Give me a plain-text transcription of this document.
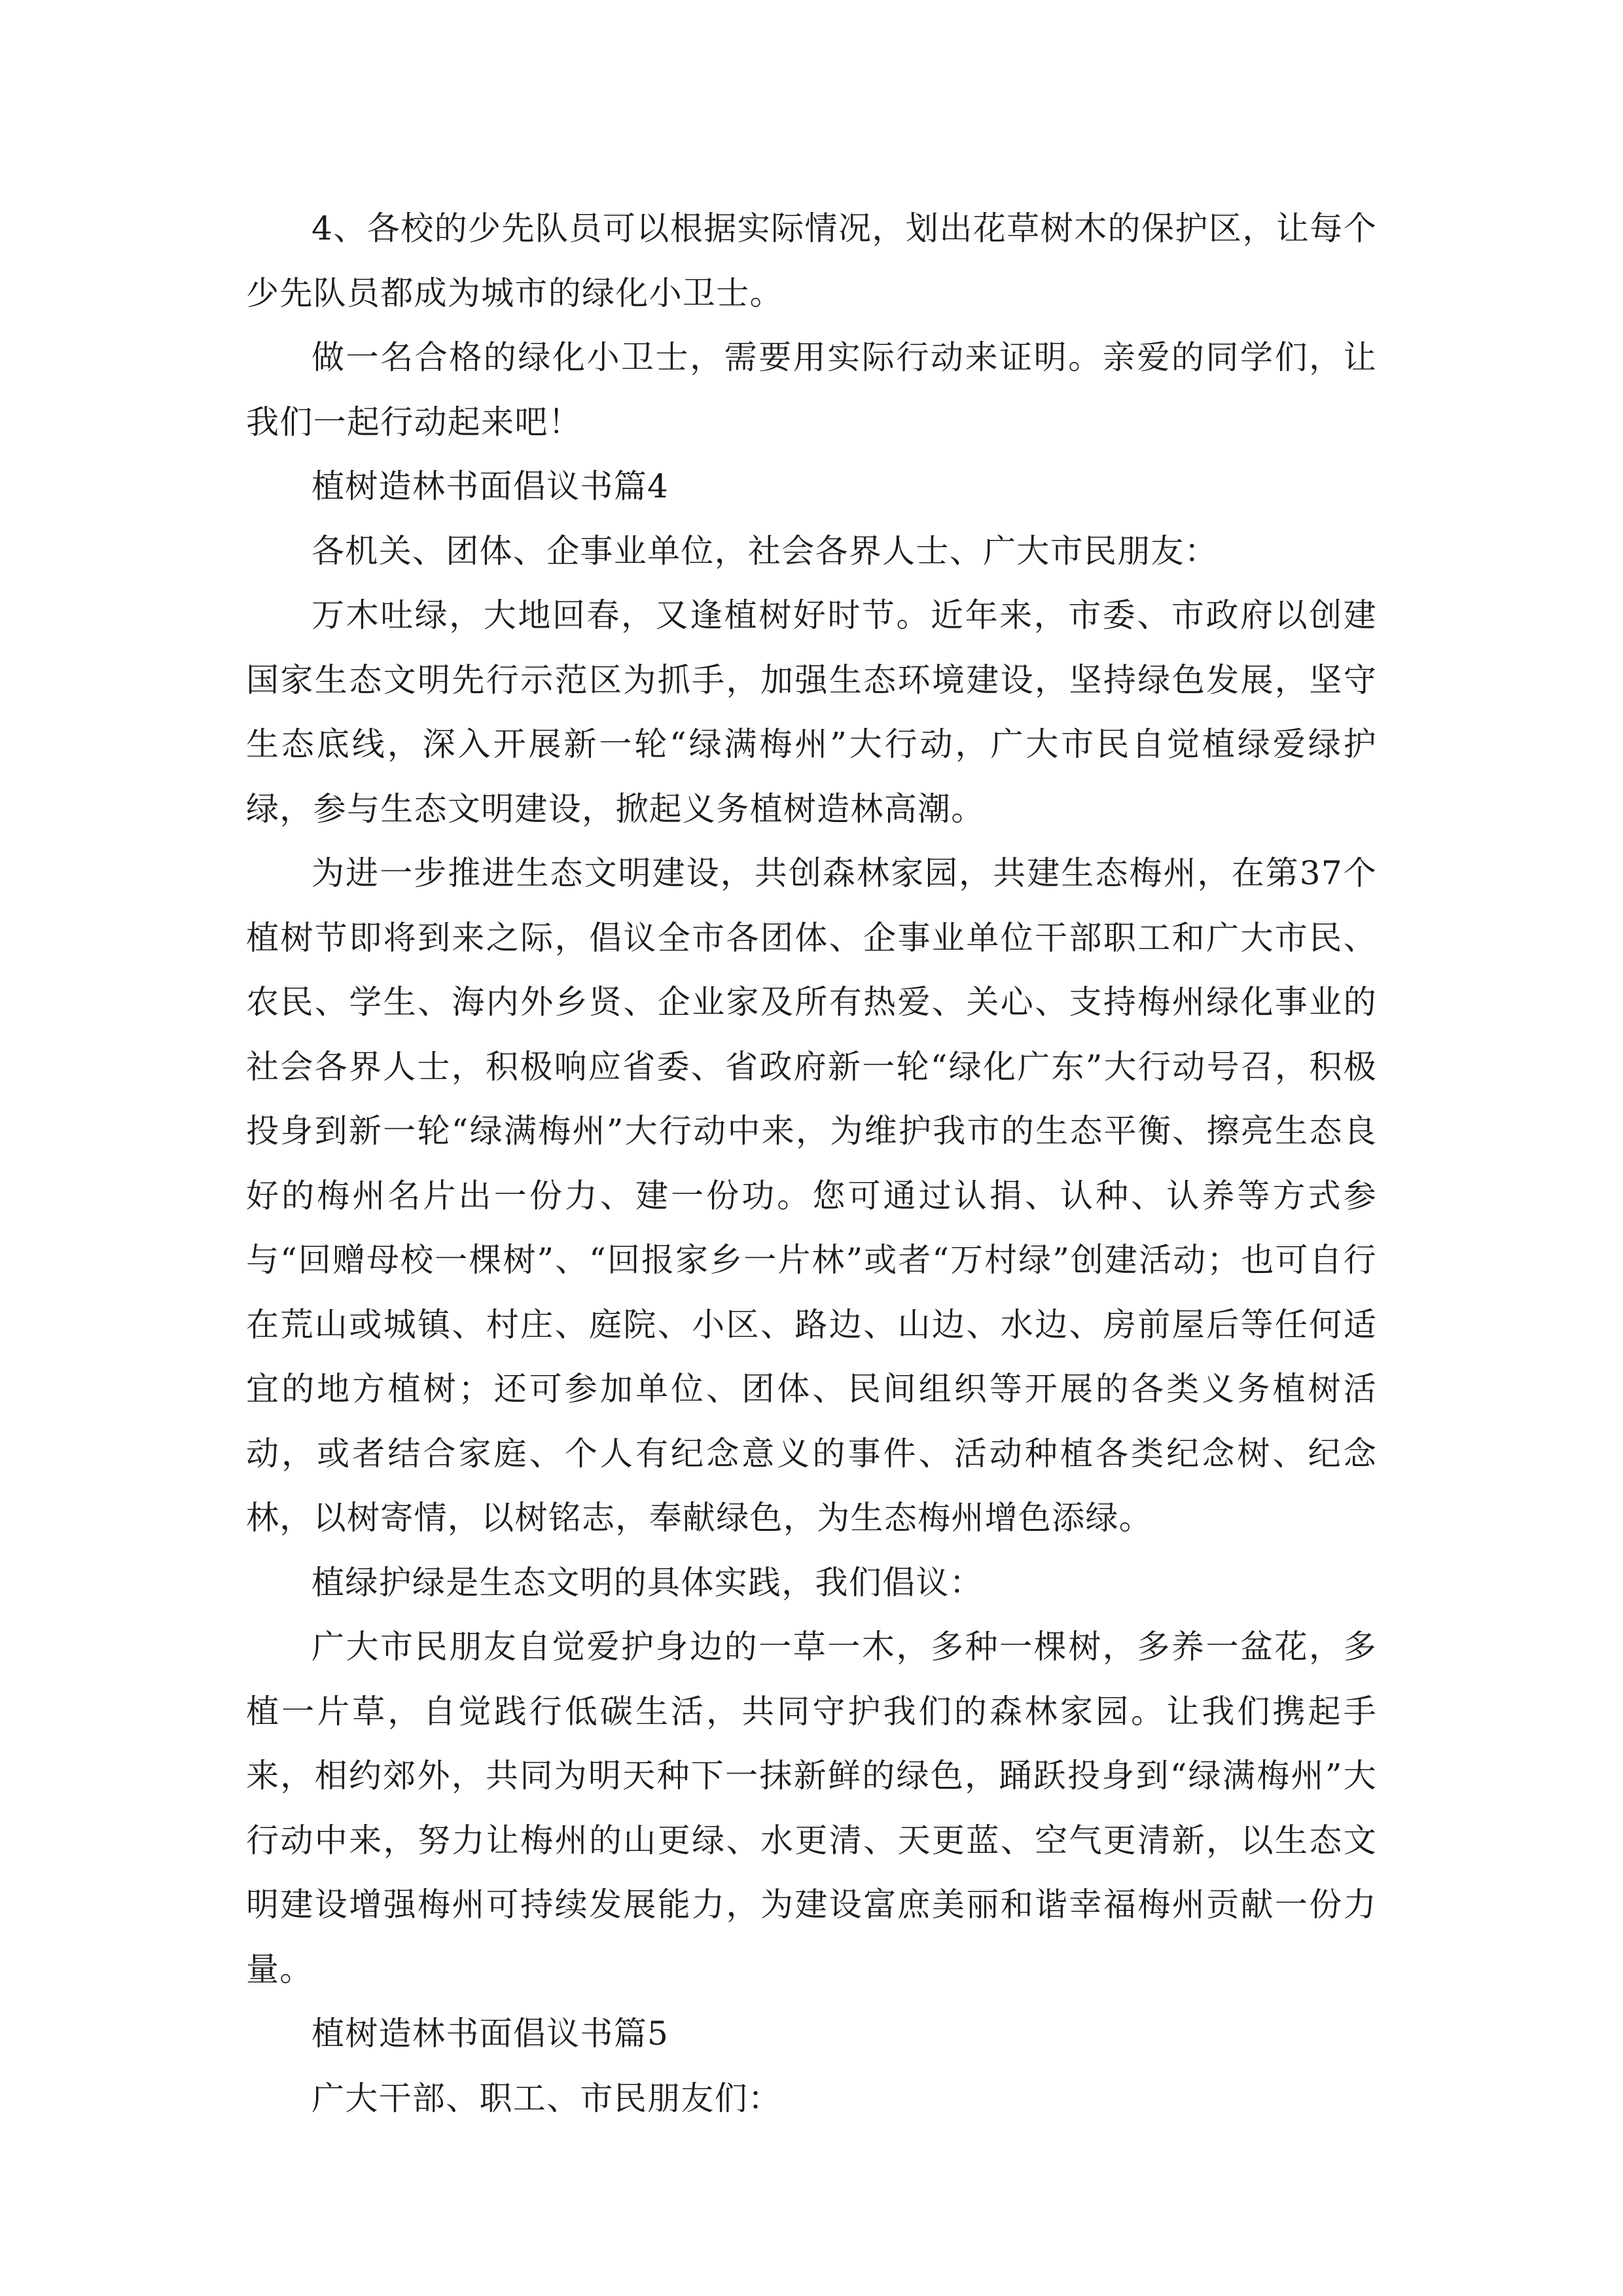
4、各校的少先队员可以根据实际情况，划出花草树木的保护区，让每个少先队员都成为城市的绿化小卫士。

做一名合格的绿化小卫士，需要用实际行动来证明。亲爱的同学们，让我们一起行动起来吧！

植树造林书面倡议书篇4

各机关、团体、企事业单位，社会各界人士、广大市民朋友：

万木吐绿，大地回春，又逢植树好时节。近年来，市委、市政府以创建国家生态文明先行示范区为抓手，加强生态环境建设，坚持绿色发展，坚守生态底线，深入开展新一轮“绿满梅州”大行动，广大市民自觉植绿爱绿护绿，参与生态文明建设，掀起义务植树造林高潮。

为进一步推进生态文明建设，共创森林家园，共建生态梅州，在第37个植树节即将到来之际，倡议全市各团体、企事业单位干部职工和广大市民、农民、学生、海内外乡贤、企业家及所有热爱、关心、支持梅州绿化事业的社会各界人士，积极响应省委、省政府新一轮“绿化广东”大行动号召，积极投身到新一轮“绿满梅州”大行动中来，为维护我市的生态平衡、擦亮生态良好的梅州名片出一份力、建一份功。您可通过认捐、认种、认养等方式参与“回赠母校一棵树”、“回报家乡一片林”或者“万村绿”创建活动；也可自行在荒山或城镇、村庄、庭院、小区、路边、山边、水边、房前屋后等任何适宜的地方植树；还可参加单位、团体、民间组织等开展的各类义务植树活动，或者结合家庭、个人有纪念意义的事件、活动种植各类纪念树、纪念林，以树寄情，以树铭志，奉献绿色，为生态梅州增色添绿。

植绿护绿是生态文明的具体实践，我们倡议：

广大市民朋友自觉爱护身边的一草一木，多种一棵树，多养一盆花，多植一片草，自觉践行低碳生活，共同守护我们的森林家园。让我们携起手来，相约郊外，共同为明天种下一抹新鲜的绿色，踊跃投身到“绿满梅州”大行动中来，努力让梅州的山更绿、水更清、天更蓝、空气更清新，以生态文明建设增强梅州可持续发展能力，为建设富庶美丽和谐幸福梅州贡献一份力量。

植树造林书面倡议书篇5

广大干部、职工、市民朋友们：
